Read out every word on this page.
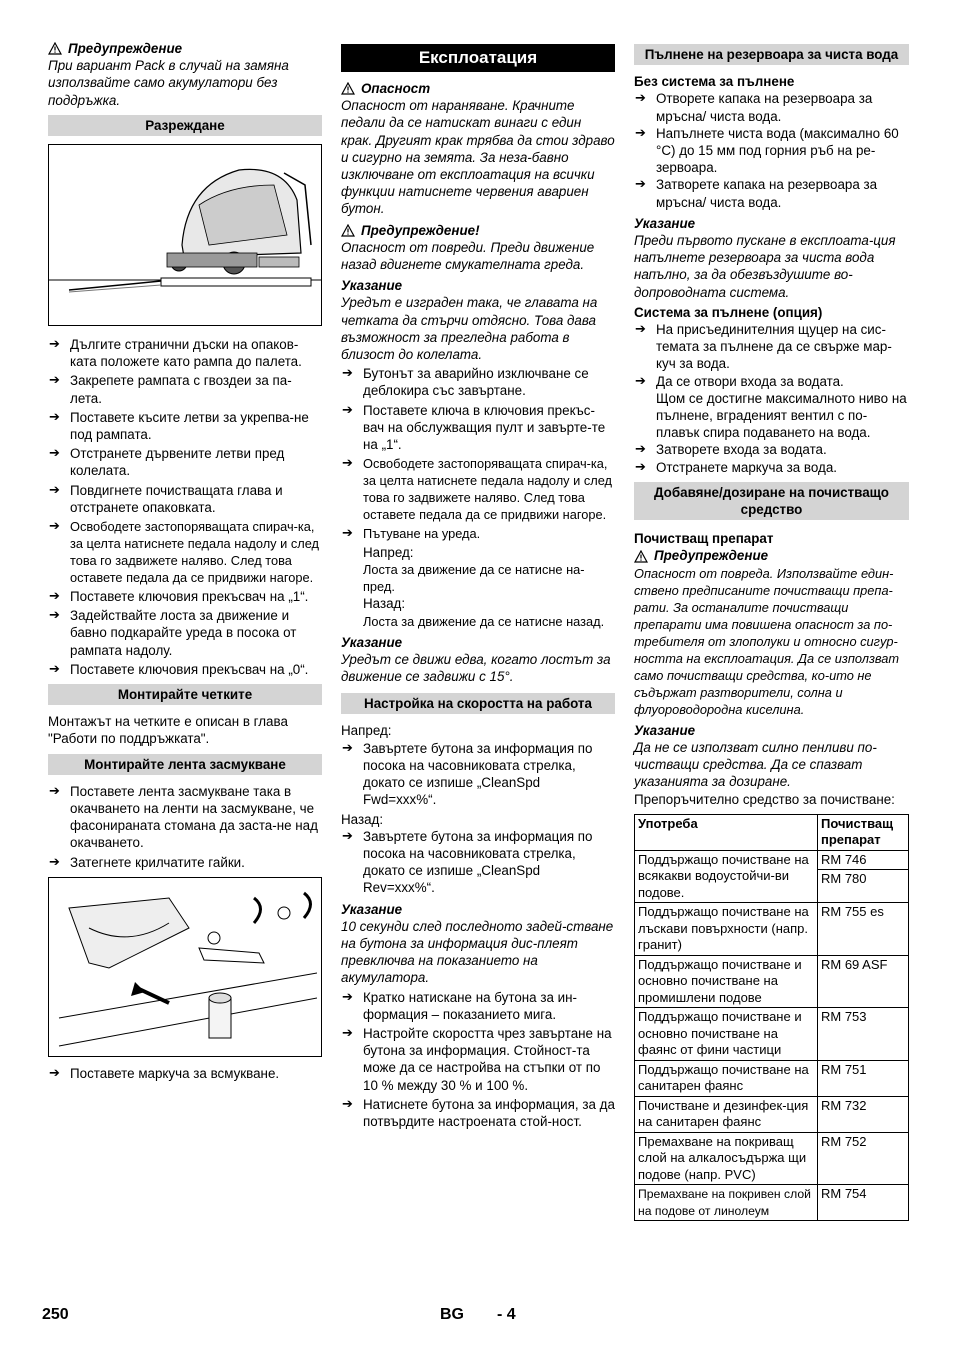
Предупреждение
При вариант Pack в случай на замяна използвайте само акумулатори без поддръжка.
Разреждане
➔ Дългите странични дъски на опаков-ката положете като рампа до палета.
➔ Закрепете рампата с гвоздеи за па-лета.
➔ Поставете късите летви за укрепва-не под рампата.
➔ Отстранете дървените летви пред колелата.
➔ Повдигнете почистващата глава и отстранете опаковката.
➔ Освободете застопоряващата спирач-ка, за целта натиснете педала надолу и след това го задвижете наляво. След това оставете педала да се придвижи нагоре.
➔ Поставете ключовия прекъсвач на „1“.
➔ Задействайте лоста за движение и бавно подкарайте уреда в посока от рампата надолу.
➔ Поставете ключовия прекъсвач на „0“.
Монтирайте четките
Монтажът на четките е описан в глава "Работи по поддръжката".
Монтирайте лента засмукване
➔ Поставете лента засмукване така в окачването на ленти на засмукване, че фасонираната стомана да заста-не над окачването.
➔ Затегнете крилчатите гайки.
➔ Поставете маркуча за всмукване.
Експлоатация
Опасност
Опасност от нараняване. Крачните педали да се натискат винаги с един крак. Другият крак трябва да стои здраво и сигурно на земята. За неза-бавно изключване от експлоатация на всички функции натиснете червения авариен бутон.
Предупреждение!
Опасност от повреди. Преди движение назад вдигнете смукателната греда.
Указание
Уредът е изграден така, че главата на четката да стърчи отдясно. Това дава възможност за прегледна работа в близост до колелата.
➔ Бутонът за аварийно изключване се деблокира със завъртане.
➔ Поставете ключа в ключовия прекъс-вач на обслужващия пулт и завърте-те на „1“.
➔ Освободете застопоряващата спирач-ка, за целта натиснете педала надолу и след това го задвижете наляво. След това оставете педала да се придвижи нагоре.
➔ Пътуване на уреда.
Напред:
Лоста за движение да се натисне на-пред.
Назад:
Лоста за движение да се натисне назад.
Указание
Уредът се движи едва, когато лостът за движение се задвижи с 15°.
Настройка на скоростта на работа
Напред:
➔ Завъртете бутона за информация по посока на часовниковата стрелка, докато се изпише „CleanSpd Fwd=xxx%“.
Назад:
➔ Завъртете бутона за информация по посока на часовниковата стрелка, докато се изпише „CleanSpd Rev=xxx%“.
Указание
10 секунди след последното задей-стване на бутона за информация дис-плеят превключва на показанието на акумулатора.
➔ Кратко натискане на бутона за ин-формация – показанието мига.
➔ Настройте скоростта чрез завъртане на бутона за информация. Стойност-та може да се настройва на стъпки от по 10 % между 30 % и 100 %.
➔ Натиснете бутона за информация, за да потвърдите настроената стой-ност.
Пълнене на резервоара за чиста вода
Без система за пълнене
➔ Отворете капака на резервоара за мръсна/ чиста вода.
➔ Напълнете чиста вода (максимално 60 °C) до 15 мм под горния ръб на ре-зервоара.
➔ Затворете капака на резервоара за мръсна/ чиста вода.
Указание
Преди първото пускане в експлоата-ция напълнете резервоара за чиста вода напълно, за да обезвъздушите во-допроводната система.
Система за пълнене (опция)
➔ На присъединителния щуцер на сис-темата за пълнене да се свърже мар-куч за вода.
➔ Да се отвори входа за водата.
Щом се достигне максималното ниво на пълнене, вграденият вентил с по-плавък спира подаването на вода.
➔ Затворете входа за водата.
➔ Отстранете маркуча за вода.
Добавяне/дозиране на почистващо средство
Почистващ препарат
Предупреждение
Опасност от повреда. Използвайте един-ствено предписаните почистващи препа-рати. За останалите почистващи препарати има повишена опасност за по-требителя от злополуки и относно сигур-ността на експлоатация. Да се използват само почистващи средства, ко-ито не съдържат разтворители, солна и флуороводородна киселина.
Указание
Да не се използват силно пенливи по-чистващи средства. Да се спазват указанията за дозиране.
Препоръчително средство за почистване:
Употреба	Почистващ препарат
Поддържащо почистване на всякакви водоустойчи-ви подове.	RM 746
RM 780

Поддържащо почистване на лъскави повърхности (напр. гранит)	RM 755 es
Поддържащо почистване и основно почистване на промишлени подове	RM 69 ASF
Поддържащо почистване и основно почистване на фаянс от фини частици	RM 753
Поддържащо почистване на санитарен фаянс	RM 751
Почистване и дезинфек-ция на санитарен фаянс	RM 732
Премахване на покриващ слой на алкалосъдържа щи подове (напр. PVC)	RM 752
Премахване на покривен слой на подове от линолеум	RM 754
250	BG - 4
